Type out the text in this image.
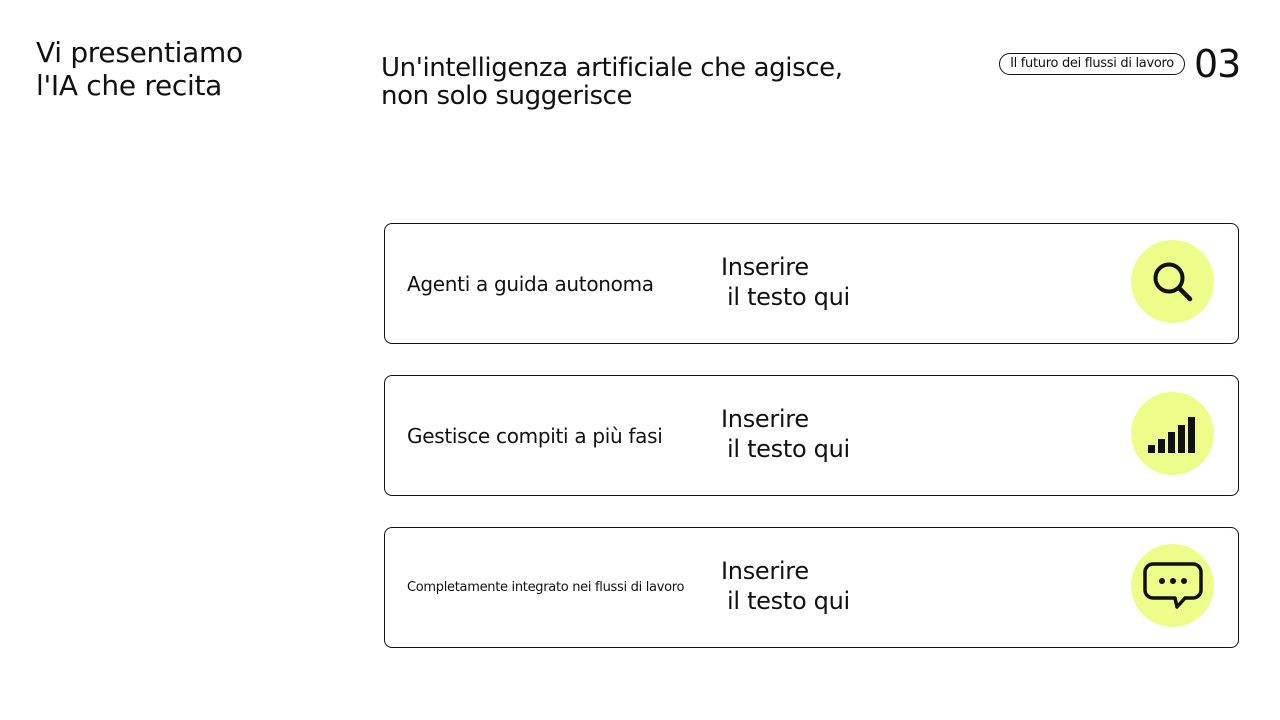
Vi presentiamo
l'IA che recita
Un'intelligenza artificiale che agisce,
non solo suggerisce
Il futuro dei flussi di lavoro 03
Agenti a guida autonoma
Inserire
il testo qui
Gestisce compiti a più fasi
Inserire
il testo qui
Completamente integrato nei flussi di lavoro
Inserire
il testo qui
